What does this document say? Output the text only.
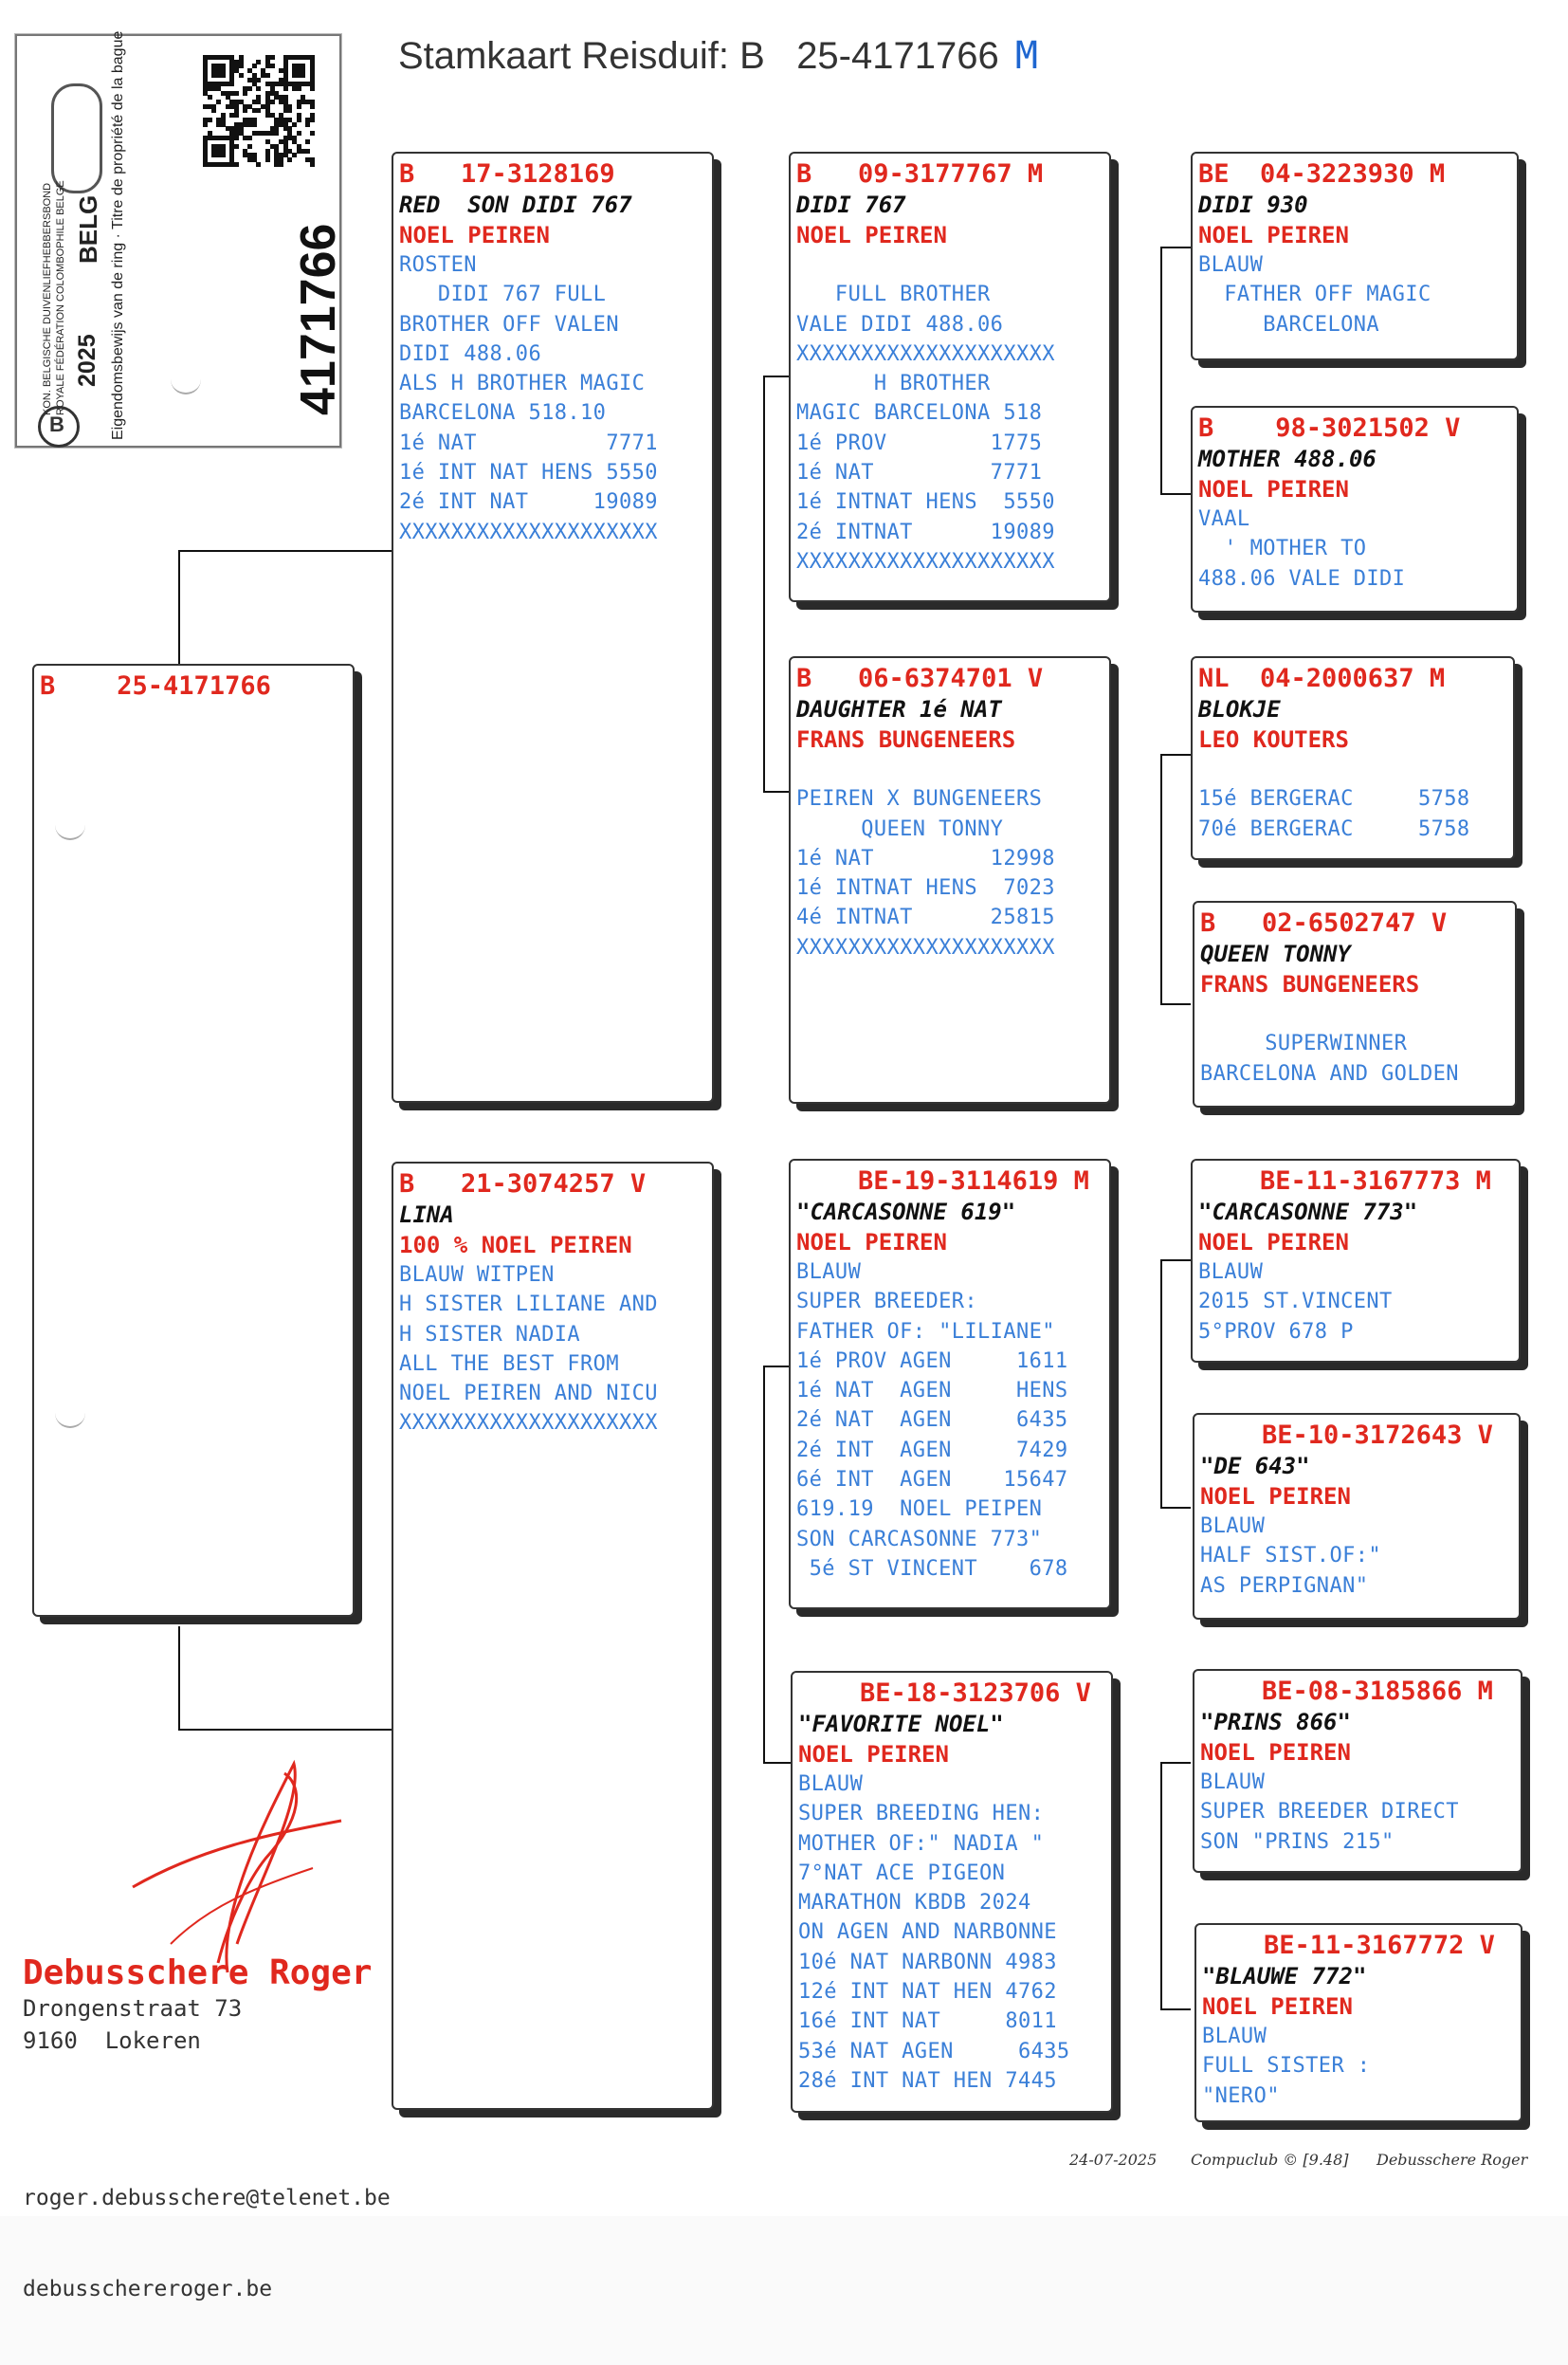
KON. BELGISCHE DUIVENLIEFHEBBERSBOND ROYALE FÉDÉRATION COLOMBOPHILE BELGE 2025
BELG Eigendomsbewijs van de ring · Titre de propriété de la bague	4171766
B
Stamkaart Reisduif: B 25-4171766 M
B    25-4171766
B   17-3128169
RED  SON DIDI 767
NOEL PEIREN
ROSTEN
DIDI 767 FULL
BROTHER OFF VALEN
DIDI 488.06
ALS H BROTHER MAGIC
BARCELONA 518.10
1é NAT          7771
1é INT NAT HENS 5550
2é INT NAT     19089
XXXXXXXXXXXXXXXXXXXX
B   21-3074257 V
LINA
100 % NOEL PEIREN
BLAUW WITPEN
H SISTER LILIANE AND
H SISTER NADIA
ALL THE BEST FROM
NOEL PEIREN AND NICU
XXXXXXXXXXXXXXXXXXXX
B   09-3177767 M
DIDI 767
NOEL PEIREN

FULL BROTHER
VALE DIDI 488.06
XXXXXXXXXXXXXXXXXXXX
H BROTHER
MAGIC BARCELONA 518
1é PROV        1775
1é NAT         7771
1é INTNAT HENS  5550
2é INTNAT      19089
XXXXXXXXXXXXXXXXXXXX
B   06-6374701 V
DAUGHTER 1é NAT
FRANS BUNGENEERS

PEIREN X BUNGENEERS
QUEEN TONNY
1é NAT         12998
1é INTNAT HENS  7023
4é INTNAT      25815
XXXXXXXXXXXXXXXXXXXX
BE-19-3114619 M
"CARCASONNE 619"
NOEL PEIREN
BLAUW
SUPER BREEDER:
FATHER OF: "LILIANE"
1é PROV AGEN     1611
1é NAT  AGEN     HENS
2é NAT  AGEN     6435
2é INT  AGEN     7429
6é INT  AGEN    15647
619.19  NOEL PEIPEN
SON CARCASONNE 773"
5é ST VINCENT    678
BE-18-3123706 V
"FAVORITE NOEL"
NOEL PEIREN
BLAUW
SUPER BREEDING HEN:
MOTHER OF:" NADIA "
7°NAT ACE PIGEON
MARATHON KBDB 2024
ON AGEN AND NARBONNE
10é NAT NARBONN 4983
12é INT NAT HEN 4762
16é INT NAT     8011
53é NAT AGEN     6435
28é INT NAT HEN 7445
BE  04-3223930 M
DIDI 930
NOEL PEIREN
BLAUW
FATHER OFF MAGIC
BARCELONA
B    98-3021502 V
MOTHER 488.06
NOEL PEIREN
VAAL
' MOTHER TO
488.06 VALE DIDI
NL  04-2000637 M
BLOKJE
LEO KOUTERS

15é BERGERAC     5758
70é BERGERAC     5758
B   02-6502747 V
QUEEN TONNY
FRANS BUNGENEERS

SUPERWINNER
BARCELONA AND GOLDEN
BE-11-3167773 M
"CARCASONNE 773"
NOEL PEIREN
BLAUW
2015 ST.VINCENT
5°PROV 678 P
BE-10-3172643 V
"DE 643"
NOEL PEIREN
BLAUW
HALF SIST.OF:"
AS PERPIGNAN"
BE-08-3185866 M
"PRINS 866"
NOEL PEIREN
BLAUW
SUPER BREEDER DIRECT
SON "PRINS 215"
BE-11-3167772 V
"BLAUWE 772"
NOEL PEIREN
BLAUW
FULL SISTER :
"NERO"
Debusschere Roger
Drongenstraat 73
9160  Lokeren

roger.debusschere@telenet.be

debusschereroger.be

24-07-2025 Compuclub © [9.48] Debusschere Roger
